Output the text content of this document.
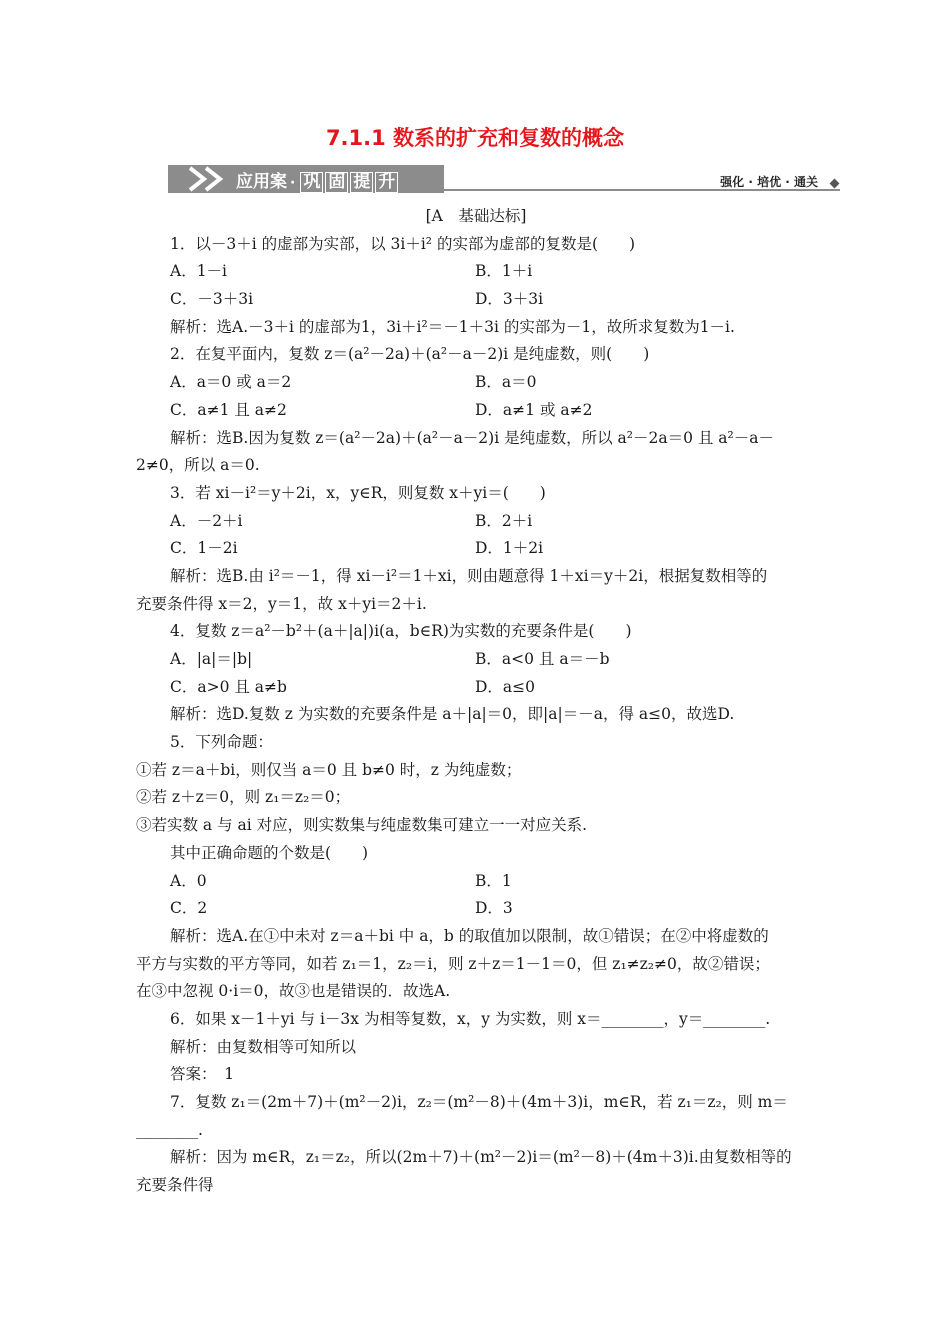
7.1.1 数系的扩充和复数的概念
应用案 · 巩 固 提 升	强化 · 培优 · 通关
[A　基础达标]
1．以－3＋i 的虚部为实部，以 3i＋i² 的实部为虚部的复数是(　　)
A．1－i	B．1＋i
C．－3＋3i	D．3＋3i
解析：选A.－3＋i 的虚部为1，3i＋i²＝－1＋3i 的实部为－1，故所求复数为1－i.
2．在复平面内，复数 z＝(a²－2a)＋(a²－a－2)i 是纯虚数，则(　　)
A．a＝0 或 a＝2	B．a＝0
C．a≠1 且 a≠2	D．a≠1 或 a≠2
解析：选B.因为复数 z＝(a²－2a)＋(a²－a－2)i 是纯虚数，所以 a²－2a＝0 且 a²－a－
2≠0，所以 a＝0.
3．若 xi－i²＝y＋2i，x，y∈R，则复数 x＋yi＝(　　)
A．－2＋i	B．2＋i
C．1－2i	D．1＋2i
解析：选B.由 i²＝－1，得 xi－i²＝1＋xi，则由题意得 1＋xi＝y＋2i，根据复数相等的
充要条件得 x＝2，y＝1，故 x＋yi＝2＋i.
4．复数 z＝a²－b²＋(a＋|a|)i(a，b∈R)为实数的充要条件是(　　)
A．|a|＝|b|	B．a<0 且 a＝－b
C．a>0 且 a≠b	D．a≤0
解析：选D.复数 z 为实数的充要条件是 a＋|a|＝0，即|a|＝－a，得 a≤0，故选D.
5．下列命题：
①若 z＝a＋bi，则仅当 a＝0 且 b≠0 时，z 为纯虚数；
②若 z＋z＝0，则 z₁＝z₂＝0；
③若实数 a 与 ai 对应，则实数集与纯虚数集可建立一一对应关系.
其中正确命题的个数是(　　)
A．0	B．1
C．2	D．3
解析：选A.在①中未对 z＝a＋bi 中 a，b 的取值加以限制，故①错误；在②中将虚数的
平方与实数的平方等同，如若 z₁＝1，z₂＝i，则 z＋z＝1－1＝0，但 z₁≠z₂≠0，故②错误；
在③中忽视 0·i＝0，故③也是错误的．故选A.
6．如果 x－1＋yi 与 i－3x 为相等复数，x，y 为实数，则 x＝________，y＝________.
解析：由复数相等可知所以
答案：　1
7．复数 z₁＝(2m＋7)＋(m²－2)i，z₂＝(m²－8)＋(4m＋3)i，m∈R，若 z₁＝z₂，则 m＝
________.
解析：因为 m∈R，z₁＝z₂，所以(2m＋7)＋(m²－2)i＝(m²－8)＋(4m＋3)i.由复数相等的
充要条件得
